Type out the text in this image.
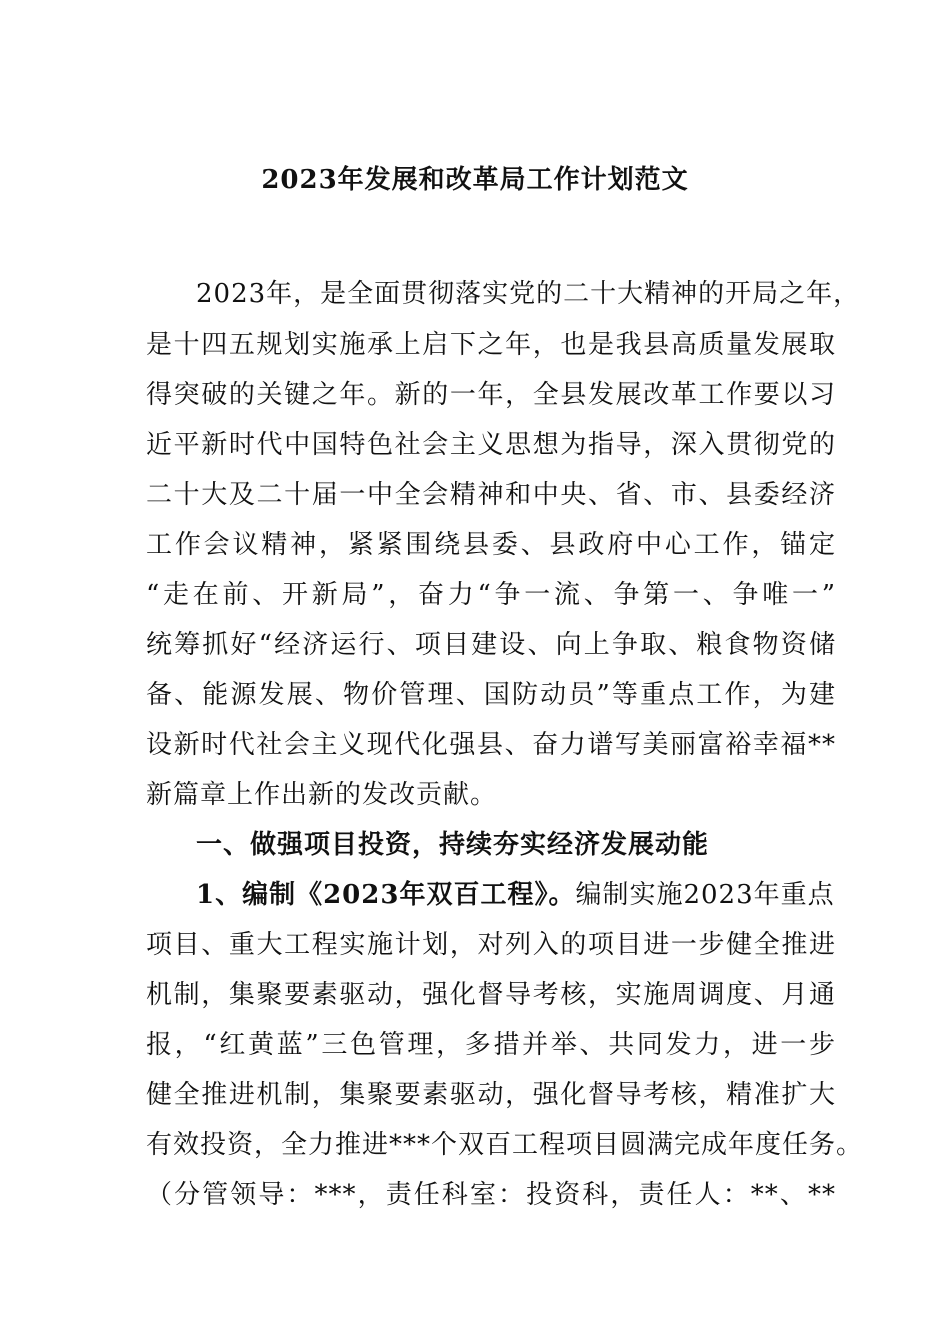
2023年发展和改革局工作计划范文
2023年，是全面贯彻落实党的二十大精神的开局之年，
是十四五规划实施承上启下之年，也是我县高质量发展取
得突破的关键之年。新的一年，全县发展改革工作要以习
近平新时代中国特色社会主义思想为指导，深入贯彻党的
二十大及二十届一中全会精神和中央、省、市、县委经济
工作会议精神，紧紧围绕县委、县政府中心工作，锚定
“走在前、开新局”，奋力“争一流、争第一、争唯一”
统筹抓好“经济运行、项目建设、向上争取、粮食物资储
备、能源发展、物价管理、国防动员”等重点工作，为建
设新时代社会主义现代化强县、奋力谱写美丽富裕幸福**
新篇章上作出新的发改贡献。
一、做强项目投资，持续夯实经济发展动能
1、编制《2023年双百工程》。编制实施2023年重点
项目、重大工程实施计划，对列入的项目进一步健全推进
机制，集聚要素驱动，强化督导考核，实施周调度、月通
报，“红黄蓝”三色管理，多措并举、共同发力，进一步
健全推进机制，集聚要素驱动，强化督导考核，精准扩大
有效投资，全力推进***个双百工程项目圆满完成年度任务。
（分管领导：***，责任科室：投资科，责任人：**、**
